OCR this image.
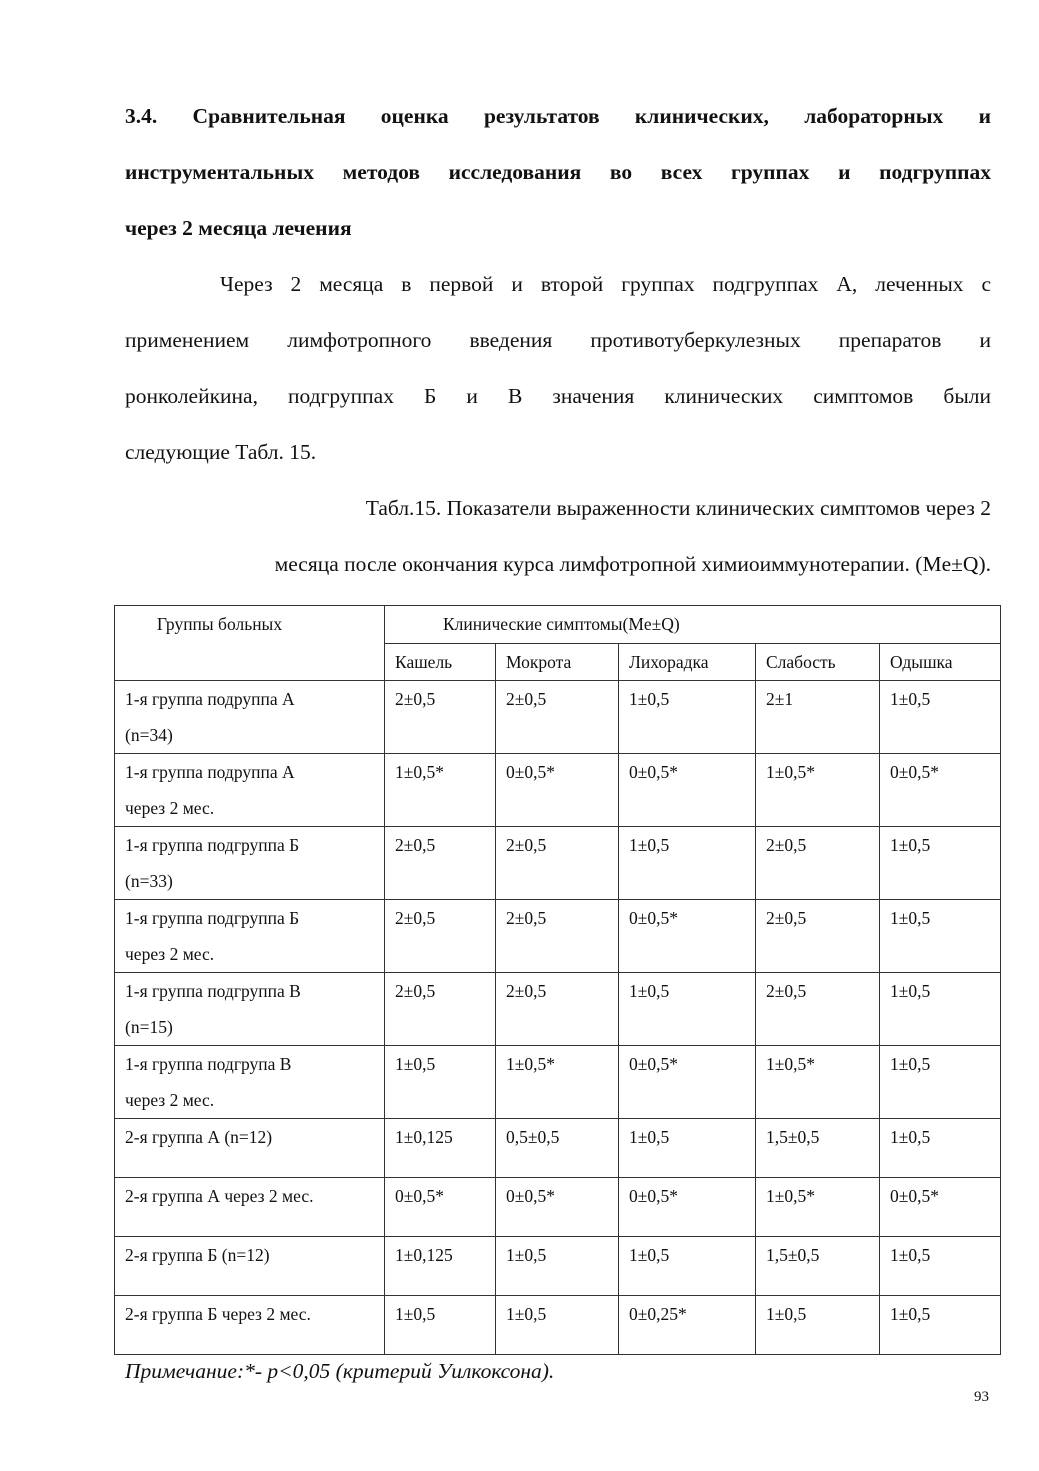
3.4. Сравнительная оценка результатов клинических, лабораторных и

инструментальных методов исследования во всех группах и подгруппах

через 2 месяца лечения

Через 2 месяца в первой и второй группах подгруппах А, леченных с

применением лимфотропного введения противотуберкулезных препаратов и

ронколейкина, подгруппах Б и В значения клинических симптомов были

следующие Табл. 15.

Табл.15. Показатели выраженности клинических симптомов через 2
месяца после окончания курса лимфотропной химиоиммунотерапии. (Me±Q).
Группы больных	Клинические симптомы(Me±Q)				

	Кашель	Мокрота	Лихорадка	Слабость	Одышка

1-я группа подруппа А
(n=34)	2±0,5	2±0,5	1±0,5	2±1	1±0,5

1-я группа подруппа А
через 2 мес.	1±0,5*	0±0,5*	0±0,5*	1±0,5*	0±0,5*

1-я группа подгруппа Б
(n=33)	2±0,5	2±0,5	1±0,5	2±0,5	1±0,5

1-я группа подгруппа Б
через 2 мес.	2±0,5	2±0,5	0±0,5*	2±0,5	1±0,5

1-я группа подгруппа В
(n=15)	2±0,5	2±0,5	1±0,5	2±0,5	1±0,5

1-я группа подгрупа В
через 2 мес.	1±0,5	1±0,5*	0±0,5*	1±0,5*	1±0,5

2-я группа А (n=12)	1±0,125	0,5±0,5	1±0,5	1,5±0,5	1±0,5

2-я группа А через 2 мес.	0±0,5*	0±0,5*	0±0,5*	1±0,5*	0±0,5*

2-я группа Б (n=12)	1±0,125	1±0,5	1±0,5	1,5±0,5	1±0,5

2-я группа Б через 2 мес.	1±0,5	1±0,5	0±0,25*	1±0,5	1±0,5
Примечание:*- р<0,05 (критерий Уилкоксона).
93
